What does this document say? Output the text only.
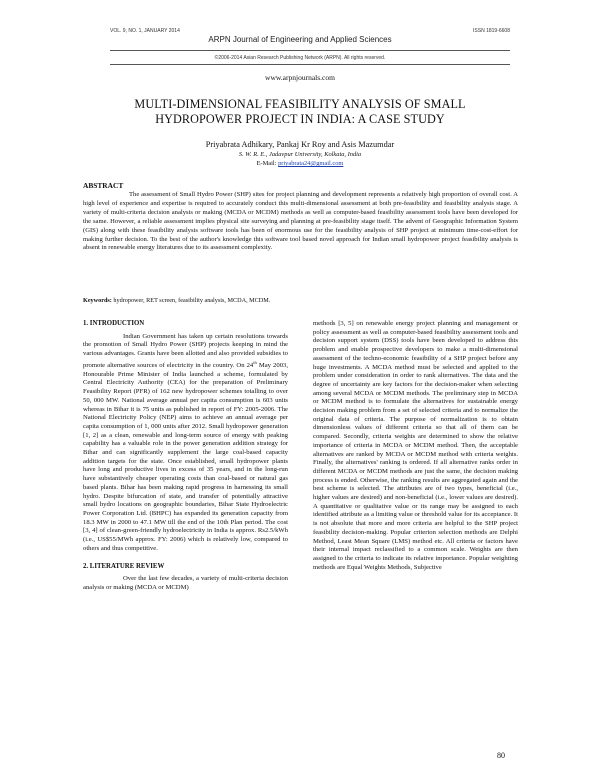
VOL. 9, NO. 1, JANUARY 2014	ISSN 1819-6608
ARPN Journal of Engineering and Applied Sciences
©2006-2014 Asian Research Publishing Network (ARPN). All rights reserved.
www.arpnjournals.com
MULTI-DIMENSIONAL FEASIBILITY ANALYSIS OF SMALL
HYDROPOWER PROJECT IN INDIA: A CASE STUDY
Priyabrata Adhikary, Pankaj Kr Roy and Asis Mazumdar
S. W. R. E., Jadavpur University, Kolkata, India
E-Mail: priyabrata24@gmail.com
ABSTRACT
The assessment of Small Hydro Power (SHP) sites for project planning and development represents a relatively high proportion of overall cost. A high level of experience and expertise is required to accurately conduct this multi-dimensional assessment at both pre-feasibility and feasibility analysis stage. A variety of multi-criteria decision analysis or making (MCDA or MCDM) methods as well as computer-based feasibility assessment tools have been developed for the same. However, a reliable assessment implies physical site surveying and planning at pre-feasibility stage itself. The advent of Geographic Information System (GIS) along with these feasibility analysis software tools has been of enormous use for the feasibility analysis of SHP project at minimum time-cost-effort for making further decision. To the best of the author's knowledge this software tool based novel approach for Indian small hydropower project feasibility analysis is absent in renewable energy literatures due to its assessment complexity.
Keywords: hydropower, RET screen, feasibility analysis, MCDA, MCDM.
1. INTRODUCTION

Indian Government has taken up certain resolutions towards the promotion of Small Hydro Power (SHP) projects keeping in mind the various advantages. Grants have been allotted and also provided subsidies to promote alternative sources of electricity in the country. On 24th May 2003, Honourable Prime Minister of India launched a scheme, formulated by Central Electricity Authority (CEA) for the preparation of Preliminary Feasibility Report (PFR) of 162 new hydropower schemes totalling to over 50, 000 MW. National average annual per capita consumption is 603 units whereas in Bihar it is 75 units as published in report of FY: 2005-2006. The National Electricity Policy (NEP) aims to achieve an annual average per capita consumption of 1, 000 units after 2012. Small hydropower generation [1, 2] as a clean, renewable and long-term source of energy with peaking capability has a valuable role in the power generation addition strategy for Bihar and can significantly supplement the large coal-based capacity addition targets for the state. Once established, small hydropower plants have long and productive lives in excess of 35 years, and in the long-run have substantively cheaper operating costs than coal-based or natural gas based plants. Bihar has been making rapid progress in harnessing its small hydro. Despite bifurcation of state, and transfer of potentially attractive small hydro locations on geographic boundaries, Bihar State Hydroelectric Power Corporation Ltd. (BHPC) has expanded its generation capacity from 18.3 MW in 2000 to 47.1 MW till the end of the 10th Plan period. The cost [3, 4] of clean-green-friendly hydroelectricity in India is approx. Rs2.5/kWh (i.e., US$55/MWh approx. FY: 2006) which is relatively low, compared to others and thus competitive.

2. LITERATURE REVIEW

Over the last few decades, a variety of multi-criteria decision analysis or making (MCDA or MCDM)

methods [3, 5] on renewable energy project planning and management or policy assessment as well as computer-based feasibility assessment tools and decision support system (DSS) tools have been developed to address this problem and enable prospective developers to make a multi-dimensional assessment of the techno-economic feasibility of a SHP project before any huge investments. A MCDA method must be selected and applied to the problem under consideration in order to rank alternatives. The data and the degree of uncertainty are key factors for the decision-maker when selecting among several MCDA or MCDM methods. The preliminary step in MCDA or MCDM method is to formulate the alternatives for sustainable energy decision making problem from a set of selected criteria and to normalize the original data of criteria. The purpose of normalization is to obtain dimensionless values of different criteria so that all of them can be compared. Secondly, criteria weights are determined to show the relative importance of criteria in MCDA or MCDM method. Then, the acceptable alternatives are ranked by MCDA or MCDM method with criteria weights. Finally, the alternatives' ranking is ordered. If all alternative ranks order in different MCDA or MCDM methods are just the same, the decision making process is ended. Otherwise, the ranking results are aggregated again and the best scheme is selected. The attributes are of two types, beneficial (i.e., higher values are desired) and non-beneficial (i.e., lower values are desired). A quantitative or qualitative value or its range may be assigned to each identified attribute as a limiting value or threshold value for its acceptance. It is not absolute that more and more criteria are helpful to the SHP project feasibility decision-making. Popular criterion selection methods are Delphi Method, Least Mean Square (LMS) method etc. All criteria or factors have their internal impact reclassified to a common scale. Weights are then assigned to the criteria to indicate its relative importance. Popular weighting methods are Equal Weights Methods, Subjective

80
